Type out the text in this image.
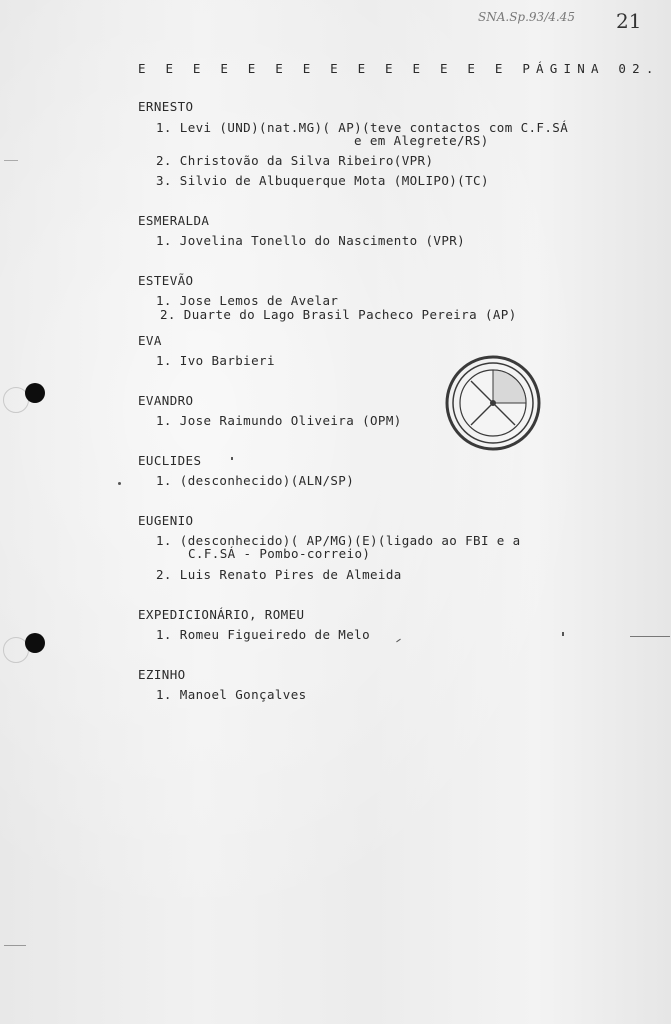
SNA.Sp.93/4.45 21
E E E E E E E E E E E E E E PÁGINA 02.
ERNESTO
1. Levi (UND)(nat.MG)( AP)(teve contactos com C.F.SÁ
e em Alegrete/RS)
2. Christovão da Silva Ribeiro(VPR)
3. Silvio de Albuquerque Mota (MOLIPO)(TC)
ESMERALDA
1. Jovelina Tonello do Nascimento (VPR)
ESTEVÃO
1. Jose Lemos de Avelar
2. Duarte do Lago Brasil Pacheco Pereira (AP)
EVA
1. Ivo Barbieri
EVANDRO
1. Jose Raimundo Oliveira (OPM)
EUCLIDES
1. (desconhecido)(ALN/SP)
EUGENIO
1. (desconhecido)( AP/MG)(E)(ligado ao FBI e a
C.F.SÁ - Pombo-correio)
2. Luis Renato Pires de Almeida
EXPEDICIONÁRIO, ROMEU
1. Romeu Figueiredo de Melo
EZINHO
1. Manoel Gonçalves
